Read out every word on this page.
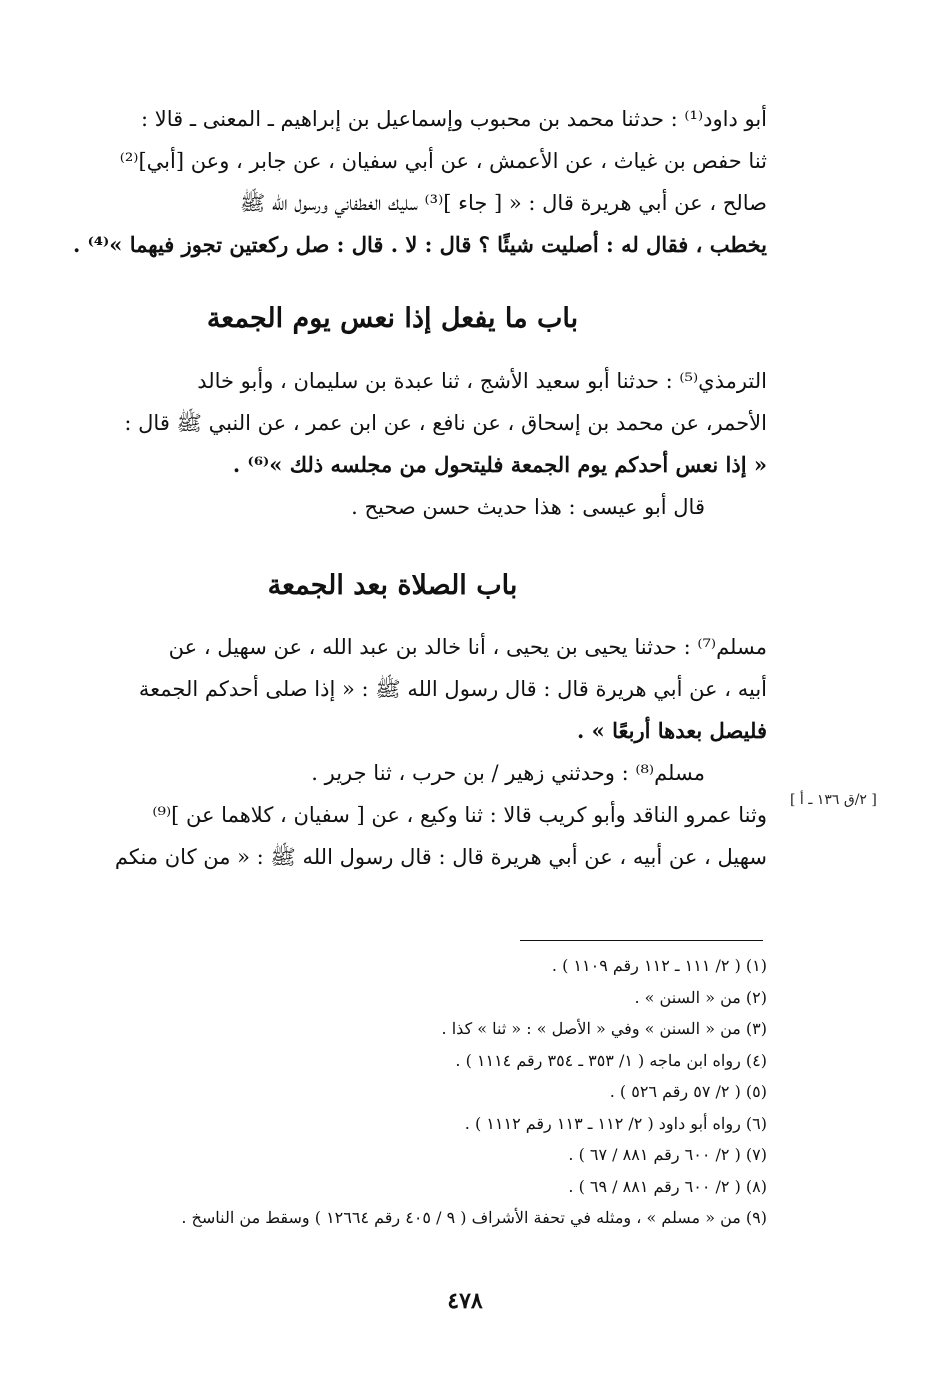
أبو داود⁽¹⁾ : حدثنا محمد بن محبوب وإسماعيل بن إبراهيم ـ المعنى ـ قالا :
ثنا حفص بن غياث ، عن الأعمش ، عن أبي سفيان ، عن جابر ، وعن [أبي]⁽²⁾
صالح ، عن أبي هريرة قال : « [ جاء ]⁽³⁾ سليك الغطفاني ورسول الله ﷺ
يخطب ، فقال له : أصليت شيئًا ؟ قال : لا . قال : صل ركعتين تجوز فيهما »⁽⁴⁾ .
باب ما يفعل إذا نعس يوم الجمعة
الترمذي⁽⁵⁾ : حدثنا أبو سعيد الأشج ، ثنا عبدة بن سليمان ، وأبو خالد
الأحمر، عن محمد بن إسحاق ، عن نافع ، عن ابن عمر ، عن النبي ﷺ قال :
« إذا نعس أحدكم يوم الجمعة فليتحول من مجلسه ذلك »⁽⁶⁾ .
قال أبو عيسى : هذا حديث حسن صحيح .
باب الصلاة بعد الجمعة
مسلم⁽⁷⁾ : حدثنا يحيى بن يحيى ، أنا خالد بن عبد الله ، عن سهيل ، عن
أبيه ، عن أبي هريرة قال : قال رسول الله ﷺ : « إذا صلى أحدكم الجمعة
فليصل بعدها أربعًا » .
مسلم⁽⁸⁾ : وحدثني زهير / بن حرب ، ثنا جرير .
وثنا عمرو الناقد وأبو كريب قالا : ثنا وكيع ، عن [ سفيان ، كلاهما عن ]⁽⁹⁾
سهيل ، عن أبيه ، عن أبي هريرة قال : قال رسول الله ﷺ : « من كان منكم
[ ٢/ق ١٣٦ ـ أ ]
(١) ( ٢/ ١١١ ـ ١١٢ رقم ١١٠٩ ) .
(٢) من « السنن » .
(٣) من « السنن » وفي « الأصل » : « ثنا » كذا .
(٤) رواه ابن ماجه ( ١/ ٣٥٣ ـ ٣٥٤ رقم ١١١٤ ) .
(٥) ( ٢/ ٥٧ رقم ٥٢٦ ) .
(٦) رواه أبو داود ( ٢/ ١١٢ ـ ١١٣ رقم ١١١٢ ) .
(٧) ( ٢/ ٦٠٠ رقم ٨٨١ / ٦٧ ) .
(٨) ( ٢/ ٦٠٠ رقم ٨٨١ / ٦٩ ) .
(٩) من « مسلم » ، ومثله في تحفة الأشراف ( ٩ / ٤٠٥ رقم ١٢٦٦٤ ) وسقط من الناسخ .
٤٧٨
